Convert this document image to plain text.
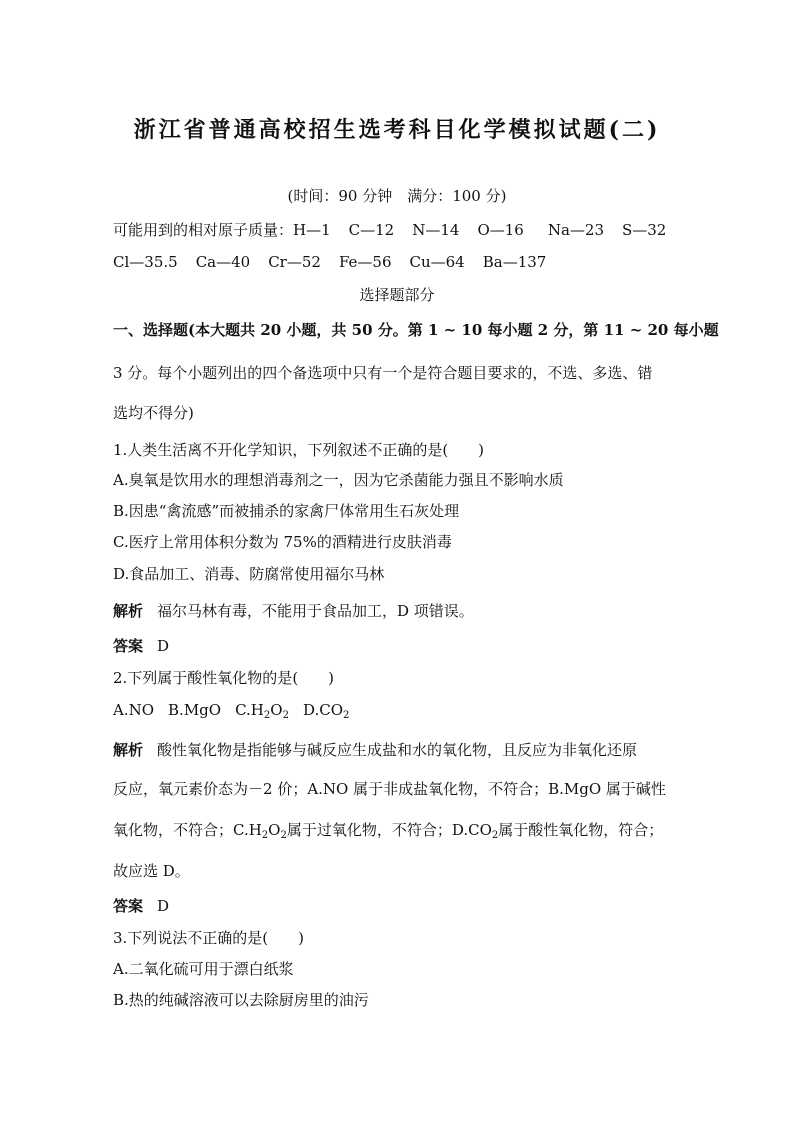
浙江省普通高校招生选考科目化学模拟试题(二)
(时间：90 分钟　满分：100 分)
可能用到的相对原子质量：H—1 C—12 N—14 O—16 Na—23 S—32
Cl—35.5 Ca—40 Cr—52 Fe—56 Cu—64 Ba—137
选择题部分
一、选择题(本大题共 20 小题，共 50 分。第 1 ~ 10 每小题 2 分，第 11 ~ 20 每小题
3 分。每个小题列出的四个备选项中只有一个是符合题目要求的，不选、多选、错
选均不得分)
1.人类生活离不开化学知识，下列叙述不正确的是(　　)
A.臭氧是饮用水的理想消毒剂之一，因为它杀菌能力强且不影响水质
B.因患“禽流感”而被捕杀的家禽尸体常用生石灰处理
C.医疗上常用体积分数为 75%的酒精进行皮肤消毒
D.食品加工、消毒、防腐常使用福尔马林
解析 福尔马林有毒，不能用于食品加工，D 项错误。
答案 D
2.下列属于酸性氧化物的是(　　)
A.NO B.MgO $C.H_2O_2$ $D.CO_2$
解析 酸性氧化物是指能够与碱反应生成盐和水的氧化物，且反应为非氧化还原
反应，氧元素价态为－2 价；A.NO 属于非成盐氧化物，不符合；B.MgO 属于碱性
氧化物，不符合；$C.H_2O_2$属于过氧化物，不符合；$D.CO_2$属于酸性氧化物，符合；
故应选 D。
答案 D
3.下列说法不正确的是(　　)
A.二氧化硫可用于漂白纸浆
B.热的纯碱溶液可以去除厨房里的油污
